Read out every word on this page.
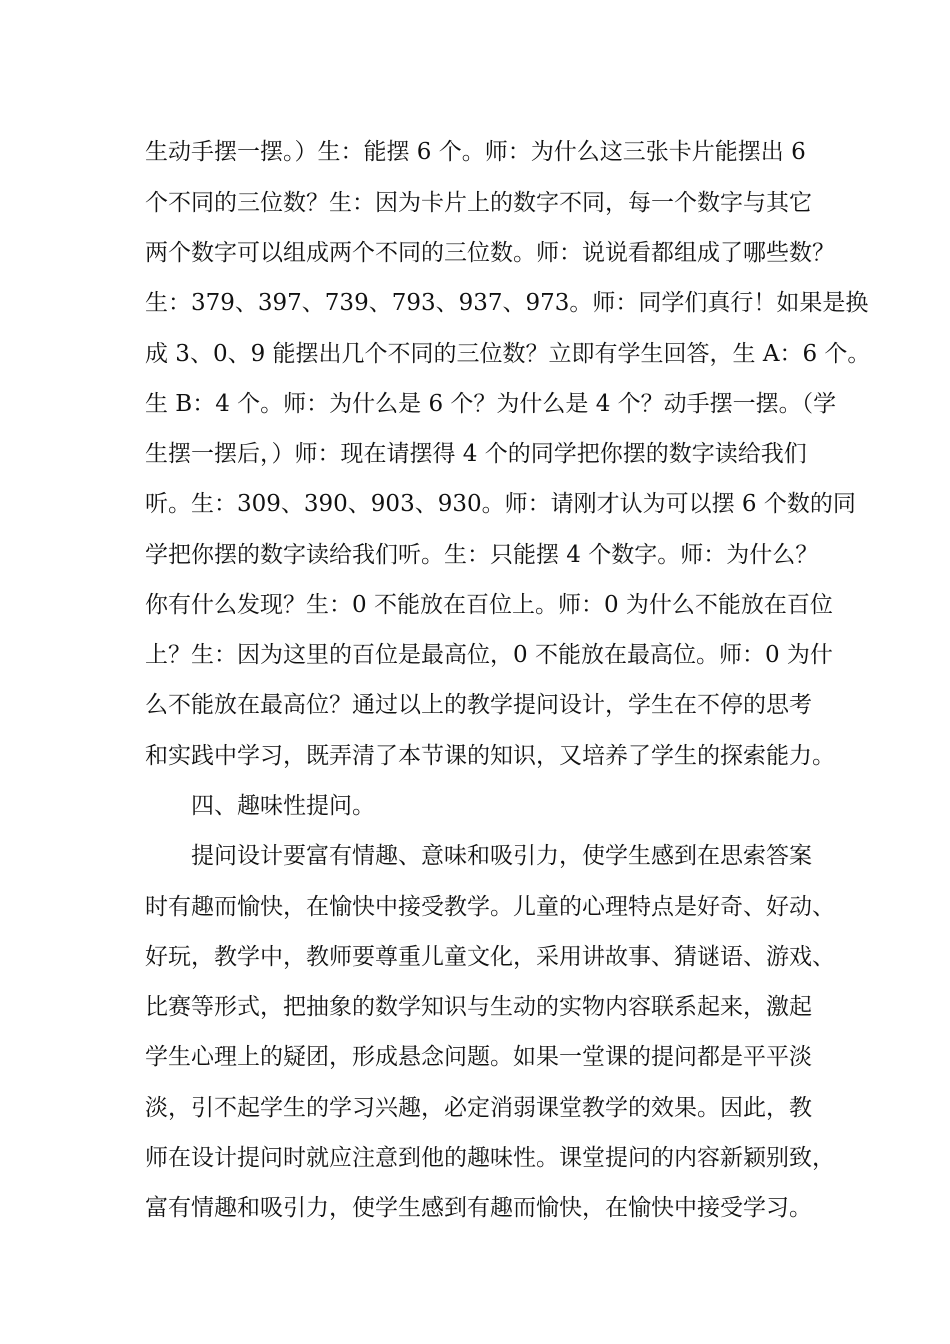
生动手摆一摆。）生：能摆 6 个。师：为什么这三张卡片能摆出 6
个不同的三位数？生：因为卡片上的数字不同，每一个数字与其它
两个数字可以组成两个不同的三位数。师：说说看都组成了哪些数？
生：379、397、739、793、937、973。师：同学们真行！如果是换
成 3、0、9 能摆出几个不同的三位数？立即有学生回答，生 A：6 个。
生 B：4 个。师：为什么是 6 个？为什么是 4 个？动手摆一摆。（学
生摆一摆后，）师：现在请摆得 4 个的同学把你摆的数字读给我们
听。生：309、390、903、930。师：请刚才认为可以摆 6 个数的同
学把你摆的数字读给我们听。生：只能摆 4 个数字。师：为什么？
你有什么发现？生：0 不能放在百位上。师：0 为什么不能放在百位
上？生：因为这里的百位是最高位，0 不能放在最高位。师：0 为什
么不能放在最高位？通过以上的教学提问设计，学生在不停的思考
和实践中学习，既弄清了本节课的知识，又培养了学生的探索能力。
四、趣味性提问。
提问设计要富有情趣、意味和吸引力，使学生感到在思索答案
时有趣而愉快，在愉快中接受教学。儿童的心理特点是好奇、好动、
好玩，教学中，教师要尊重儿童文化，采用讲故事、猜谜语、游戏、
比赛等形式，把抽象的数学知识与生动的实物内容联系起来，激起
学生心理上的疑团，形成悬念问题。如果一堂课的提问都是平平淡
淡，引不起学生的学习兴趣，必定消弱课堂教学的效果。因此，教
师在设计提问时就应注意到他的趣味性。课堂提问的内容新颖别致，
富有情趣和吸引力，使学生感到有趣而愉快，在愉快中接受学习。
